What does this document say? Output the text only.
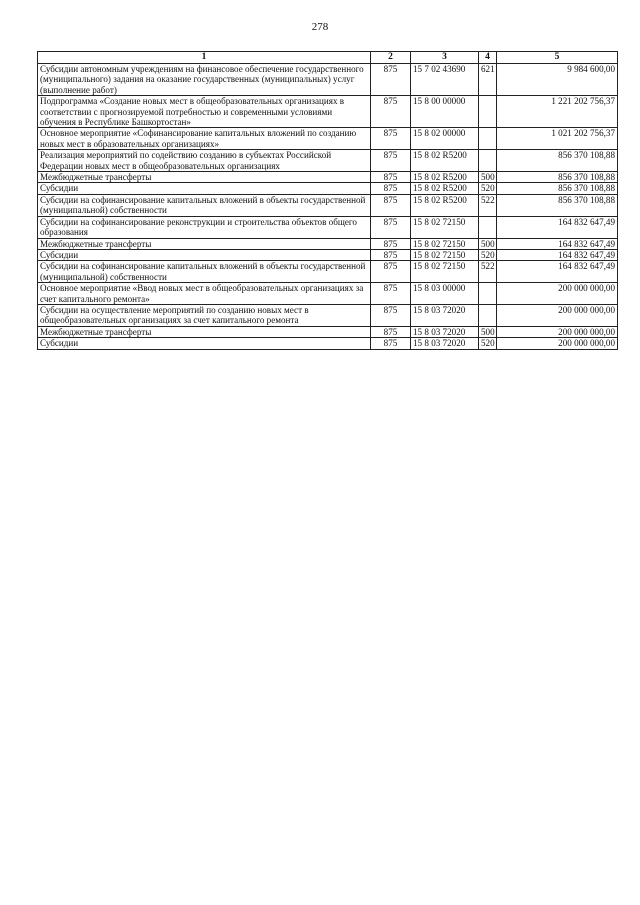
278
1	2	3	4	5
Субсидии автономным учреждениям на финансовое обеспечение государственного (муниципального) задания на оказание государственных (муниципальных) услуг (выполнение работ)	875	15 7 02 43690	621	9 984 600,00
Подпрограмма «Создание новых мест в общеобразовательных организациях в соответствии с прогнозируемой потребностью и современными условиями обучения в Республике Башкортостан»	875	15 8 00 00000		1 221 202 756,37
Основное мероприятие «Софинансирование капитальных вложений по созданию новых мест в образовательных организациях»	875	15 8 02 00000		1 021 202 756,37
Реализация мероприятий по содействию созданию в субъектах Российской Федерации новых мест в общеобразовательных организациях	875	15 8 02 R5200		856 370 108,88
Межбюджетные трансферты	875	15 8 02 R5200	500	856 370 108,88
Субсидии	875	15 8 02 R5200	520	856 370 108,88
Субсидии на софинансирование капитальных вложений в объекты государственной (муниципальной) собственности	875	15 8 02 R5200	522	856 370 108,88
Субсидии на софинансирование реконструкции и строительства объектов общего образования	875	15 8 02 72150		164 832 647,49
Межбюджетные трансферты	875	15 8 02 72150	500	164 832 647,49
Субсидии	875	15 8 02 72150	520	164 832 647,49
Субсидии на софинансирование капитальных вложений в объекты государственной (муниципальной) собственности	875	15 8 02 72150	522	164 832 647,49
Основное мероприятие «Ввод новых мест в общеобразовательных организациях за счет капитального ремонта»	875	15 8 03 00000		200 000 000,00
Субсидии на осуществление мероприятий по созданию новых мест в общеобразовательных организациях за счет капитального ремонта	875	15 8 03 72020		200 000 000,00
Межбюджетные трансферты	875	15 8 03 72020	500	200 000 000,00
Субсидии	875	15 8 03 72020	520	200 000 000,00
